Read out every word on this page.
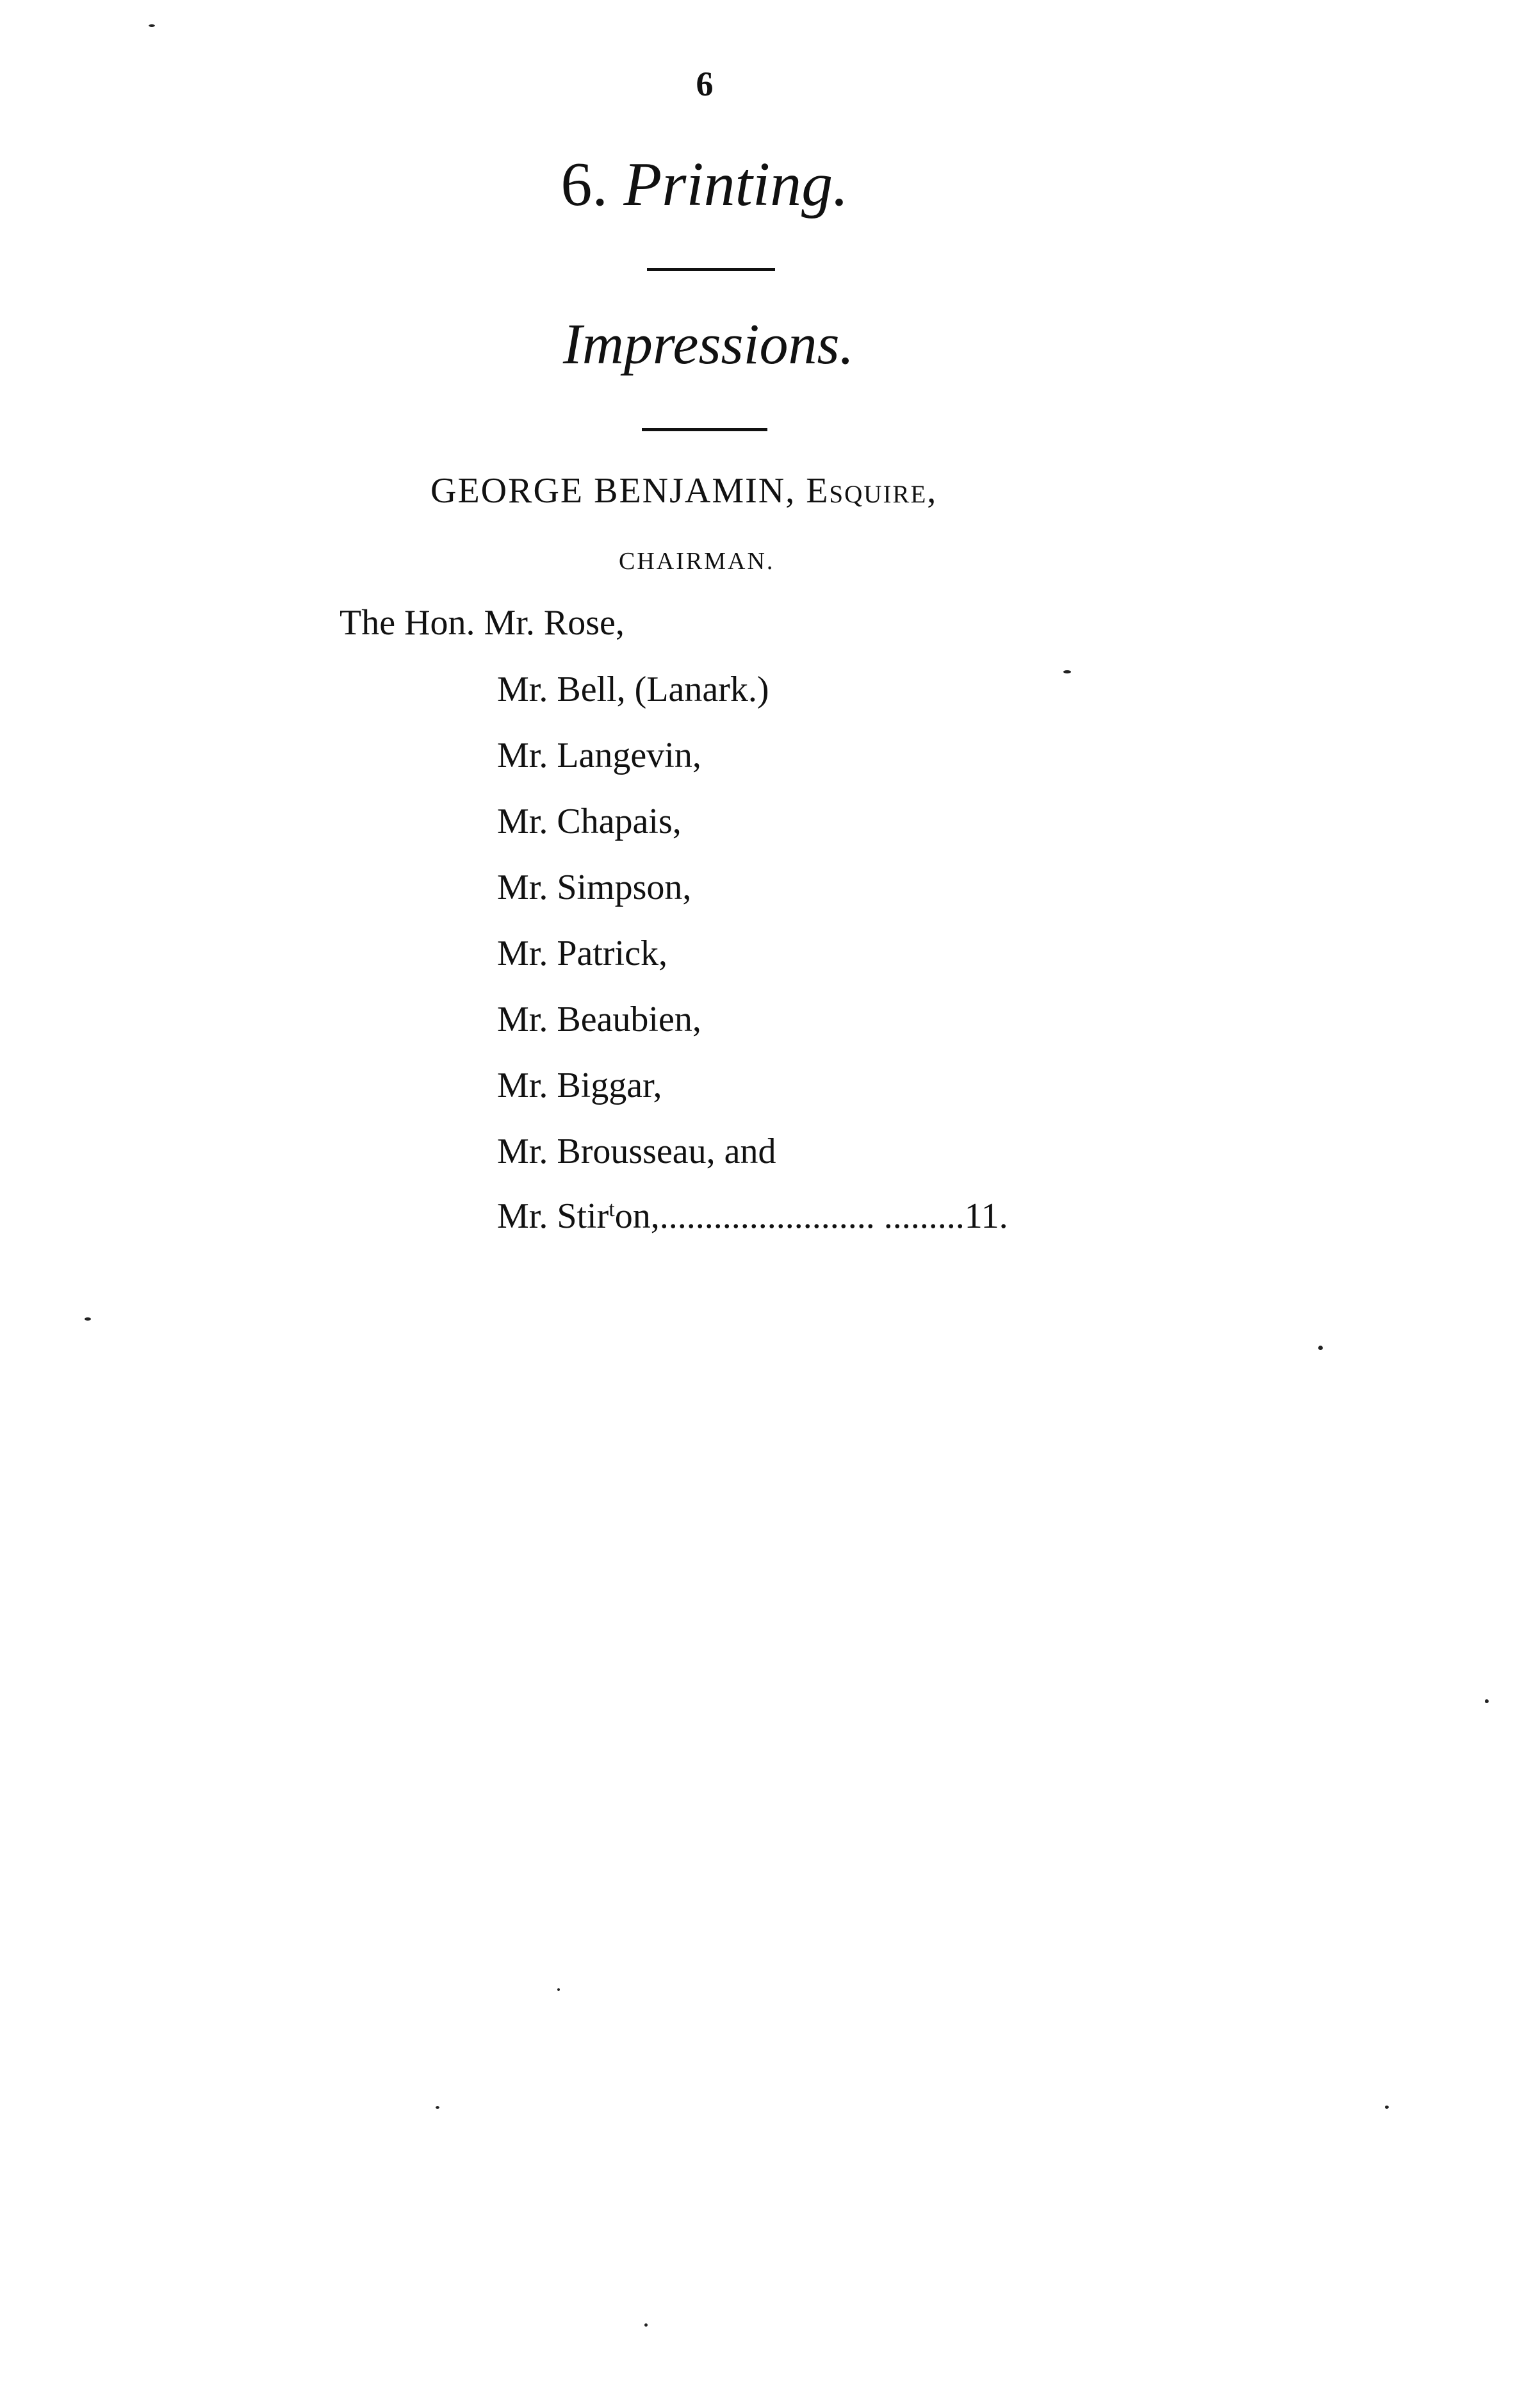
6
6. Printing.
Impressions.
GEORGE BENJAMIN, Esquire,
CHAIRMAN.
The Hon. Mr. Rose,
Mr. Bell, (Lanark.)
Mr. Langevin,
Mr. Chapais,
Mr. Simpson,
Mr. Patrick,
Mr. Beaubien,
Mr. Biggar,
Mr. Brousseau, and
Mr. Stir$^t$on,........................ .........11.
